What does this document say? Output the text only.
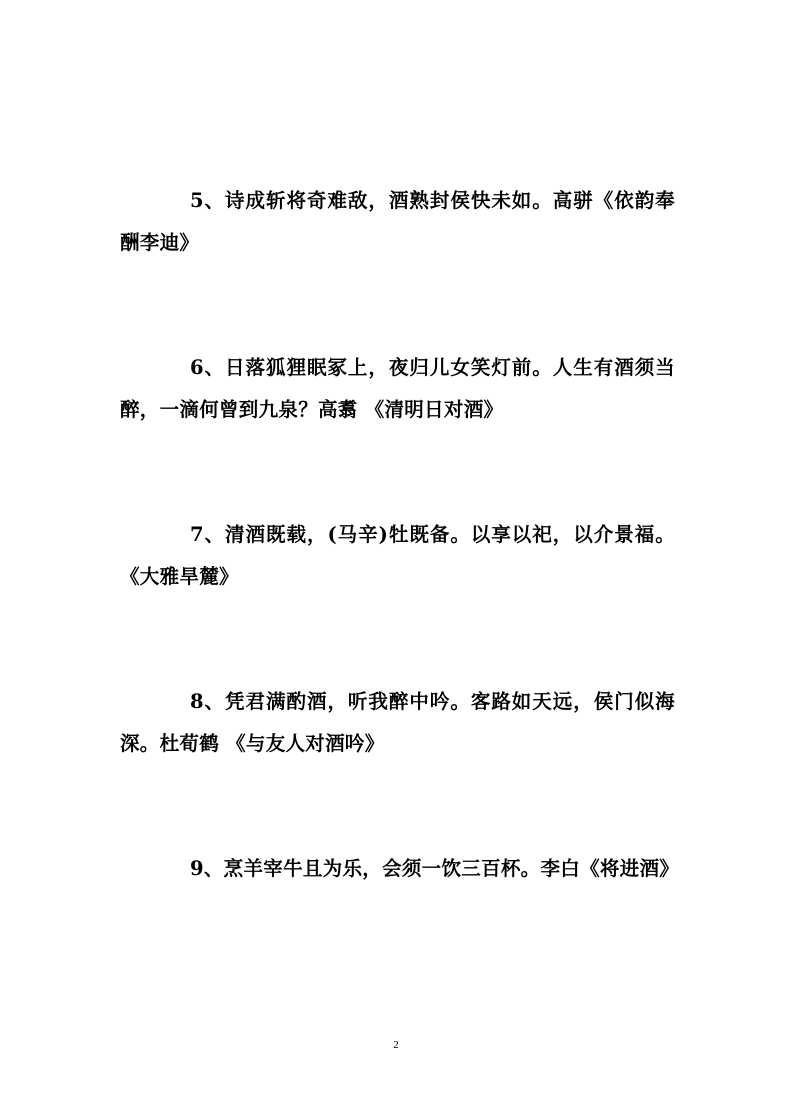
5、诗成斩将奇难敌，酒熟封侯快未如。高骈《依韵奉酬李迪》

6、日落狐狸眠冢上，夜归儿女笑灯前。人生有酒须当醉，一滴何曾到九泉？高翥 《清明日对酒》

7、清酒既载，(马辛)牡既备。以享以祀，以介景福。《大雅旱麓》

8、凭君满酌酒，听我醉中吟。客路如天远，侯门似海深。杜荀鹤 《与友人对酒吟》

9、烹羊宰牛且为乐，会须一饮三百杯。李白《将进酒》

2
